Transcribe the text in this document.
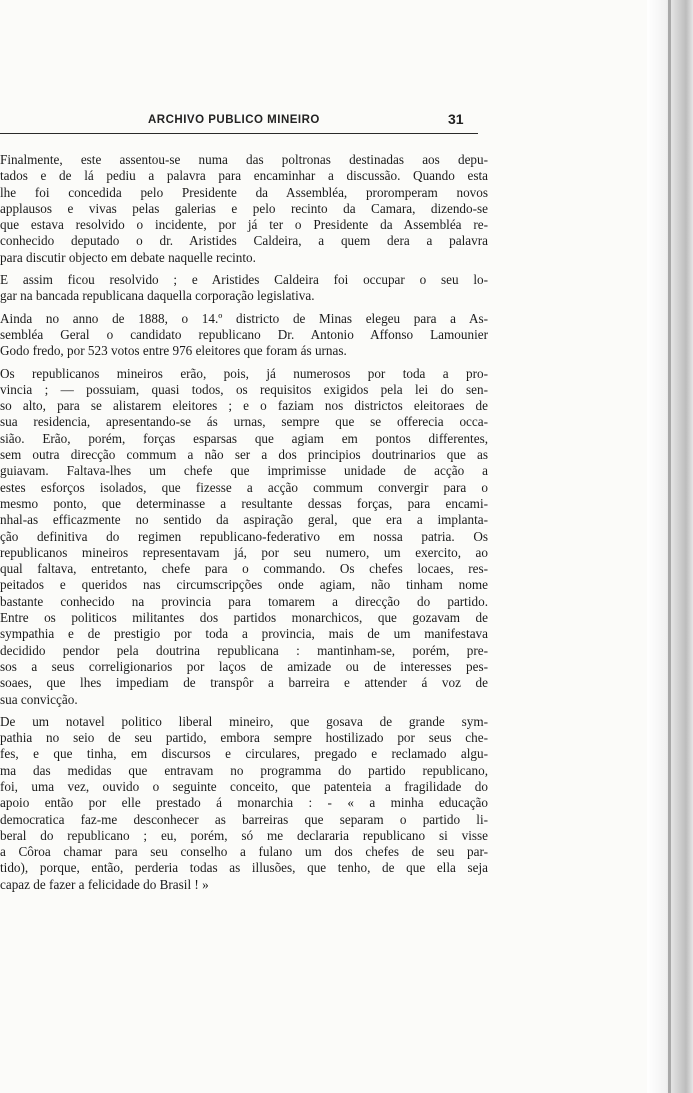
ARCHIVO PUBLICO MINEIRO	31
Finalmente, este assentou-se numa das poltronas destinadas aos depu-
tados e de lá pediu a palavra para encaminhar a discussão. Quando esta
lhe foi concedida pelo Presidente da Assembléa, proromperam novos
applausos e vivas pelas galerias e pelo recinto da Camara, dizendo-se
que estava resolvido o incidente, por já ter o Presidente da Assembléa re-
conhecido deputado o dr. Aristides Caldeira, a quem dera a palavra
para discutir objecto em debate naquelle recinto.
E assim ficou resolvido ; e Aristides Caldeira foi occupar o seu lo-
gar na bancada republicana daquella corporação legislativa.
Ainda no anno de 1888, o 14.º districto de Minas elegeu para a As-
sembléa Geral o candidato republicano Dr. Antonio Affonso Lamounier
Godo fredo, por 523 votos entre 976 eleitores que foram ás urnas.
Os republicanos mineiros erão, pois, já numerosos por toda a pro-
vincia ; — possuiam, quasi todos, os requisitos exigidos pela lei do sen-
so alto, para se alistarem eleitores ; e o faziam nos districtos eleitoraes de
sua residencia, apresentando-se ás urnas, sempre que se offerecia occa-
sião. Erão, porém, forças esparsas que agiam em pontos differentes,
sem outra direcção commum a não ser a dos principios doutrinarios que as
guiavam. Faltava-lhes um chefe que imprimisse unidade de acção a
estes esforços isolados, que fizesse a acção commum convergir para o
mesmo ponto, que determinasse a resultante dessas forças, para encami-
nhal-as efficazmente no sentido da aspiração geral, que era a implanta-
ção definitiva do regimen republicano-federativo em nossa patria. Os
republicanos mineiros representavam já, por seu numero, um exercito, ao
qual faltava, entretanto, chefe para o commando. Os chefes locaes, res-
peitados e queridos nas circumscripções onde agiam, não tinham nome
bastante conhecido na provincia para tomarem a direcção do partido.
Entre os politicos militantes dos partidos monarchicos, que gozavam de
sympathia e de prestigio por toda a provincia, mais de um manifestava
decidido pendor pela doutrina republicana : mantinham-se, porém, pre-
sos a seus correligionarios por laços de amizade ou de interesses pes-
soaes, que lhes impediam de transpôr a barreira e attender á voz de
sua convicção.
De um notavel politico liberal mineiro, que gosava de grande sym-
pathia no seio de seu partido, embora sempre hostilizado por seus che-
fes, e que tinha, em discursos e circulares, pregado e reclamado algu-
ma das medidas que entravam no programma do partido republicano,
foi, uma vez, ouvido o seguinte conceito, que patenteia a fragilidade do
apoio então por elle prestado á monarchia : - « a minha educação
democratica faz-me desconhecer as barreiras que separam o partido li-
beral do republicano ; eu, porém, só me declararia republicano si visse
a Côroa chamar para seu conselho a fulano um dos chefes de seu par-
tido), porque, então, perderia todas as illusões, que tenho, de que ella seja
capaz de fazer a felicidade do Brasil ! »
